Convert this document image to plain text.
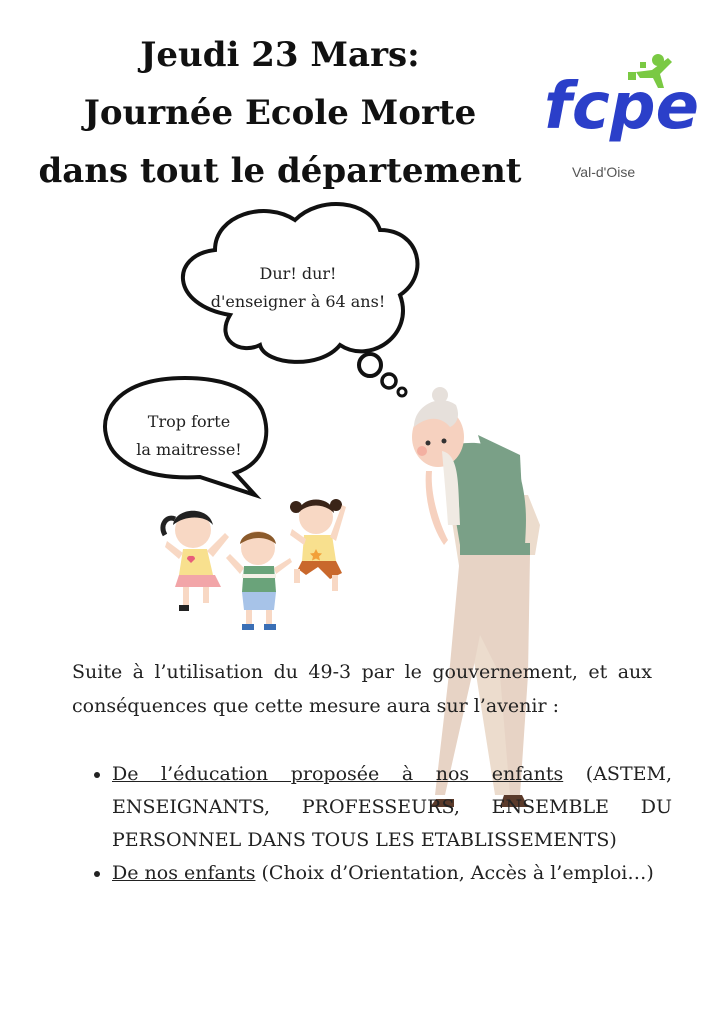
Jeudi 23 Mars:
Journée Ecole Morte
dans tout le département
fcpe
Val-d'Oise
Dur! dur!
d'enseigner à 64 ans!
Trop forte
la maitresse!
Suite à l’utilisation du 49-3 par le gouvernement, et aux conséquences que cette mesure aura sur l’avenir :
• De l’éducation proposée à nos enfants (ASTEM, ENSEIGNANTS, PROFESSEURS, ENSEMBLE DU PERSONNEL DANS TOUS LES ETABLISSEMENTS)
• De nos enfants (Choix d’Orientation, Accès à l’emploi…)
